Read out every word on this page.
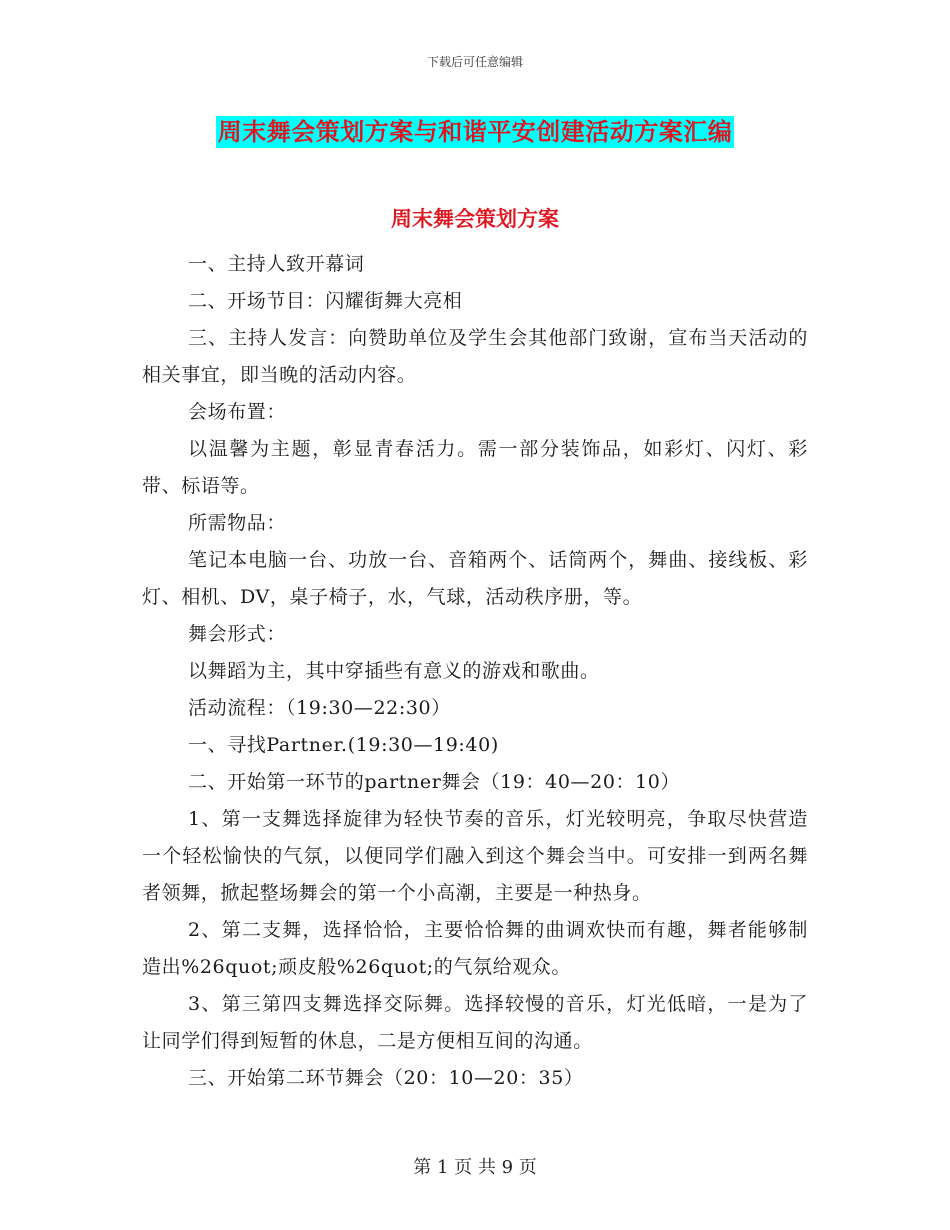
下载后可任意编辑
周末舞会策划方案与和谐平安创建活动方案汇编
周末舞会策划方案

一、主持人致开幕词

二、开场节目：闪耀街舞大亮相

三、主持人发言：向赞助单位及学生会其他部门致谢，宣布当天活动的相关事宜，即当晚的活动内容。

会场布置：

以温馨为主题，彰显青春活力。需一部分装饰品，如彩灯、闪灯、彩带、标语等。

所需物品：

笔记本电脑一台、功放一台、音箱两个、话筒两个，舞曲、接线板、彩灯、相机、DV，桌子椅子，水，气球，活动秩序册，等。

舞会形式：

以舞蹈为主，其中穿插些有意义的游戏和歌曲。

活动流程：（19:30—22:30）

一、寻找Partner.(19:30—19:40)

二、开始第一环节的partner舞会（19：40—20：10）

1、第一支舞选择旋律为轻快节奏的音乐，灯光较明亮，争取尽快营造一个轻松愉快的气氛，以便同学们融入到这个舞会当中。可安排一到两名舞者领舞，掀起整场舞会的第一个小高潮，主要是一种热身。

2、第二支舞，选择恰恰，主要恰恰舞的曲调欢快而有趣，舞者能够制造出%26quot;顽皮般%26quot;的气氛给观众。

3、第三第四支舞选择交际舞。选择较慢的音乐，灯光低暗，一是为了让同学们得到短暂的休息，二是方便相互间的沟通。

三、开始第二环节舞会（20：10—20：35）

第 1 页 共 9 页
